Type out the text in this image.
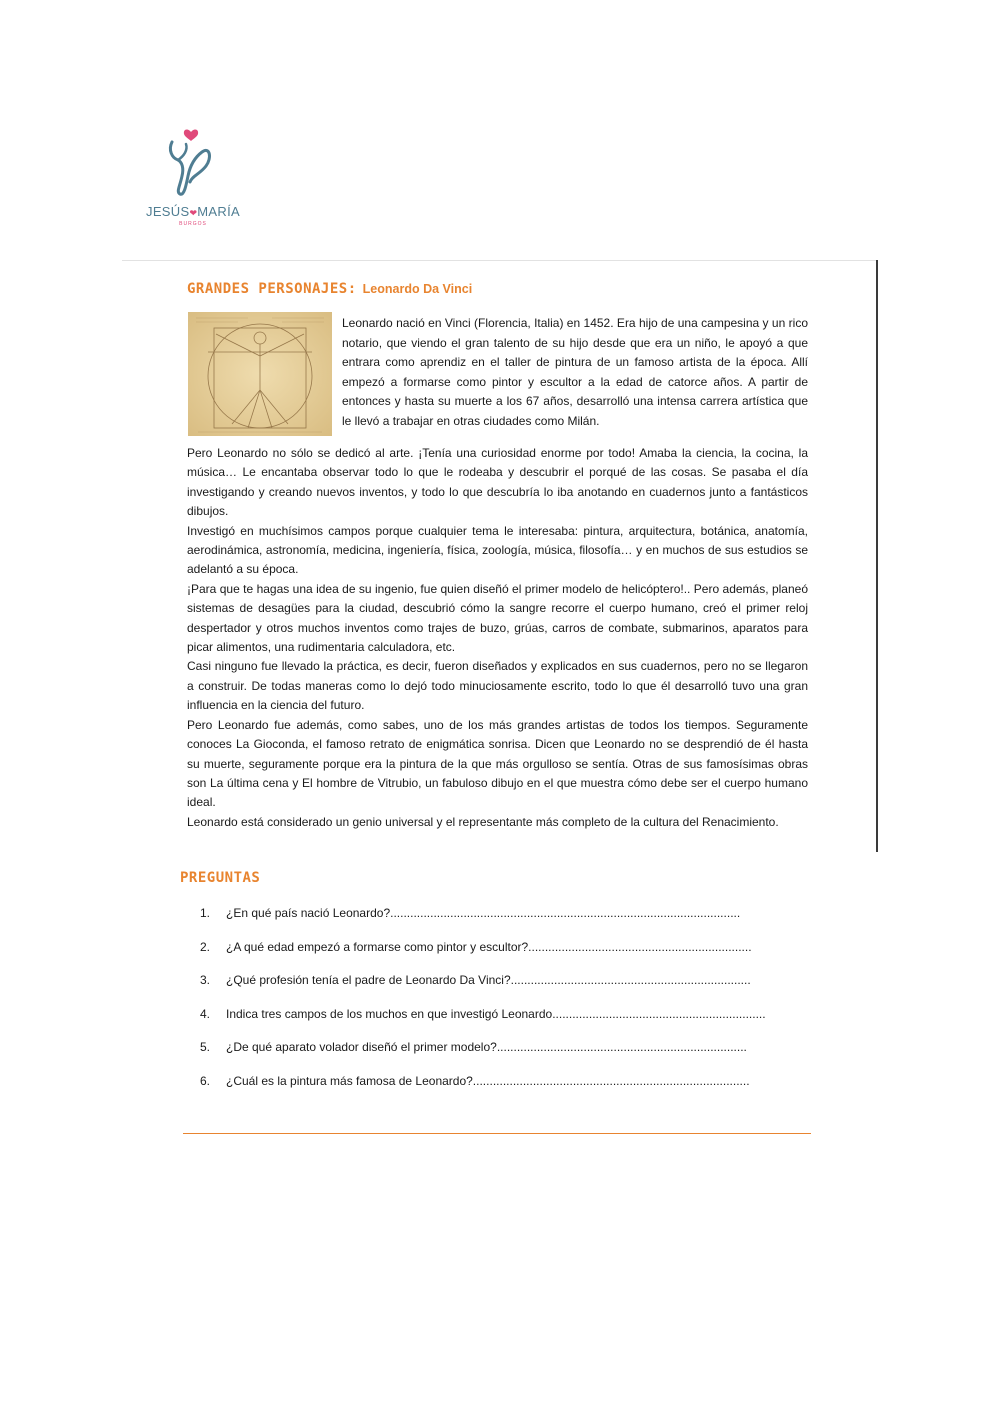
JESÚS❤MARÍA
BURGOS
GRANDES PERSONAJES: Leonardo Da Vinci

Leonardo nació en Vinci (Florencia, Italia) en 1452. Era hijo de una campesina y un rico notario, que viendo el gran talento de su hijo desde que era un niño, le apoyó a que entrara como aprendiz en el taller de pintura de un famoso artista de la época. Allí empezó a formarse como pintor y escultor a la edad de catorce años. A partir de entonces y hasta su muerte a los 67 años, desarrolló una intensa carrera artística que le llevó a trabajar en otras ciudades como Milán.

Pero Leonardo no sólo se dedicó al arte. ¡Tenía una curiosidad enorme por todo! Amaba la ciencia, la cocina, la música… Le encantaba observar todo lo que le rodeaba y descubrir el porqué de las cosas. Se pasaba el día investigando y creando nuevos inventos, y todo lo que descubría lo iba anotando en cuadernos junto a fantásticos dibujos.

Investigó en muchísimos campos porque cualquier tema le interesaba: pintura, arquitectura, botánica, anatomía, aerodinámica, astronomía, medicina, ingeniería, física, zoología, música, filosofía… y en muchos de sus estudios se adelantó a su época.

¡Para que te hagas una idea de su ingenio, fue quien diseñó el primer modelo de helicóptero!.. Pero además, planeó sistemas de desagües para la ciudad, descubrió cómo la sangre recorre el cuerpo humano, creó el primer reloj despertador y otros muchos inventos como trajes de buzo, grúas, carros de combate, submarinos, aparatos para picar alimentos, una rudimentaria calculadora, etc.

Casi ninguno fue llevado la práctica, es decir, fueron diseñados y explicados en sus cuadernos, pero no se llegaron a construir. De todas maneras como lo dejó todo minuciosamente escrito, todo lo que él desarrolló tuvo una gran influencia en la ciencia del futuro.

Pero Leonardo fue además, como sabes, uno de los más grandes artistas de todos los tiempos. Seguramente conoces La Gioconda, el famoso retrato de enigmática sonrisa. Dicen que Leonardo no se desprendió de él hasta su muerte, seguramente porque era la pintura de la que más orgulloso se sentía. Otras de sus famosísimas obras son La última cena y El hombre de Vitrubio, un fabuloso dibujo en el que muestra cómo debe ser el cuerpo humano ideal.

Leonardo está considerado un genio universal y el representante más completo de la cultura del Renacimiento.

PREGUNTAS
1. ¿En qué país nació Leonardo?.........................................................................................................
2. ¿A qué edad empezó a formarse como pintor y escultor?...................................................................
3. ¿Qué profesión tenía el padre de Leonardo Da Vinci?........................................................................
4. Indica tres campos de los muchos en que investigó Leonardo................................................................
5. ¿De qué aparato volador diseñó el primer modelo?...........................................................................
6. ¿Cuál es la pintura más famosa de Leonardo?...................................................................................
